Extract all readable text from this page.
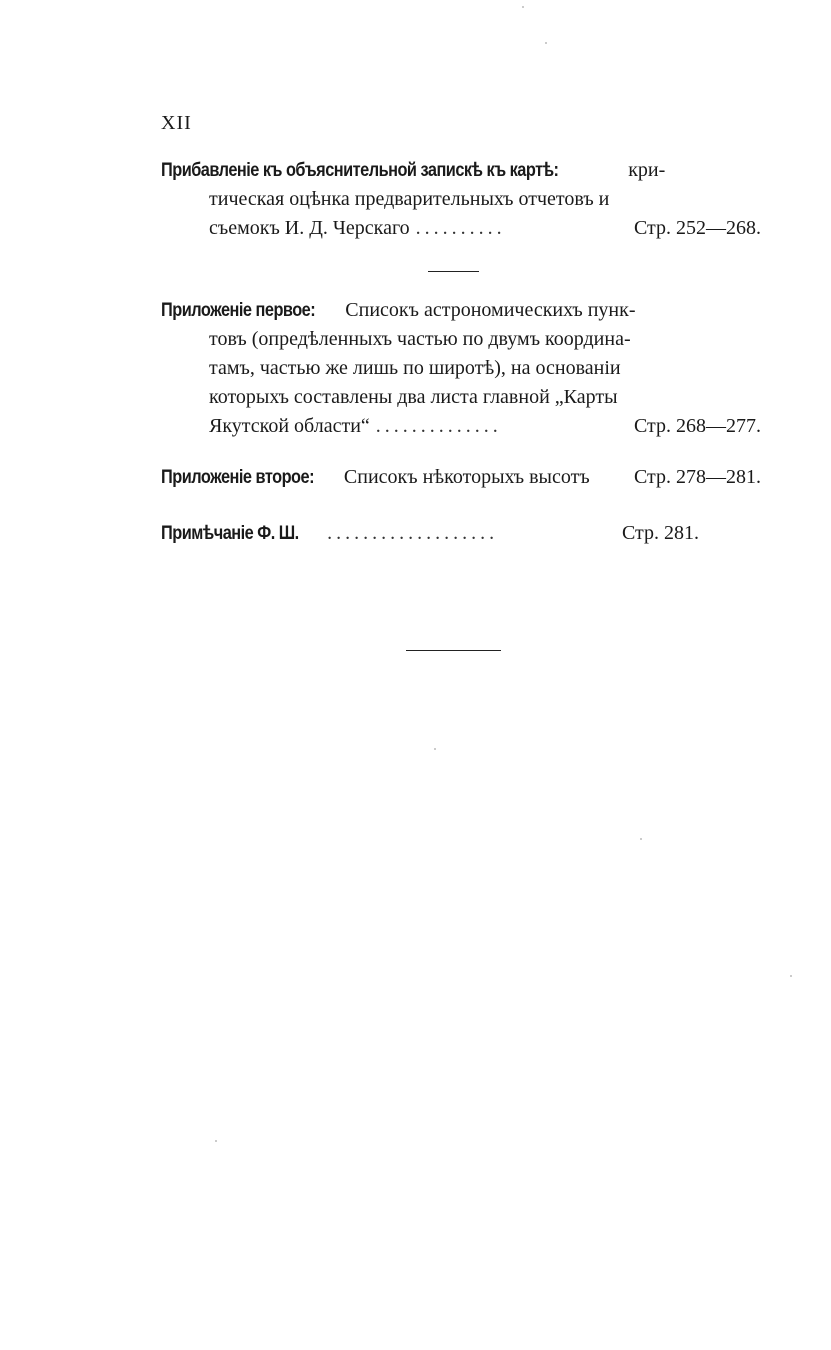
XII
Прибавленіе къ объяснительной запискѣ къ картѣ:	кри-
тическая оцѣнка предварительныхъ отчетовъ и
съемокъ И. Д. Черскаго ..........	Стр. 252—268.
Приложеніе первое: Списокъ астрономическихъ пунк-
товъ (опредѣленныхъ частью по двумъ координа-
тамъ, частью же лишь по широтѣ), на основаніи
которыхъ составлены два листа главной „Карты
Якутской области“ ..............	Стр. 268—277.
Приложеніе второе: Списокъ нѣкоторыхъ высотъ Стр. 278—281.
Примѣчаніе Ф. Ш. ...................	Стр. 281.
